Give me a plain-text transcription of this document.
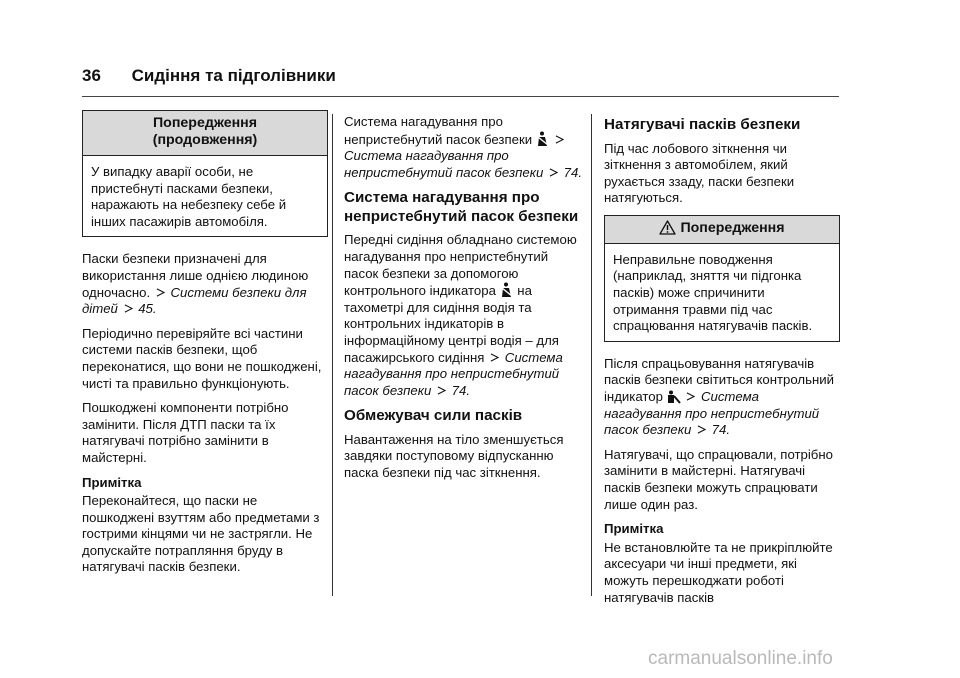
36 Сидіння та підголівники
Попередження
(продовження)
У випадку аварії особи, не пристебнуті пасками безпеки, наражають на небезпеку себе й інших пасажирів автомобіля.

Паски безпеки призначені для використання лише однією людиною одночасно. Системи безпеки для дітей 45.

Періодично перевіряйте всі частини системи пасків безпеки, щоб переконатися, що вони не пошкоджені, чисті та правильно функціонують.

Пошкоджені компоненти потрібно замінити. Після ДТП паски та їх натягувачі потрібно замінити в майстерні.

Примітка

Переконайтеся, що паски не пошкоджені взуттям або предметами з гострими кінцями чи не застрягли. Не допускайте потрапляння бруду в натягувачі пасків безпеки.

Система нагадування про непристебнутий пасок безпеки   Система нагадування про непристебнутий пасок безпеки 74.

Система нагадування про непристебнутий пасок безпеки

Передні сидіння обладнано системою нагадування про непристебнутий пасок безпеки за допомогою контрольного індикатора на тахометрі для сидіння водія та контрольних індикаторів в інформаційному центрі водія – для пасажирського сидіння Система нагадування про непристебнутий пасок безпеки 74.

Обмежувач сили пасків

Навантаження на тіло зменшується завдяки поступовому відпусканню паска безпеки під час зіткнення.

Натягувачі пасків безпеки

Під час лобового зіткнення чи зіткнення з автомобілем, який рухається ззаду, паски безпеки натягуються.

Попередження
Неправильне поводження (наприклад, зняття чи підгонка пасків) може спричинити отримання травми під час спрацювання натягувачів пасків.

Після спрацьовування натягувачів пасків безпеки світиться контрольний індикатор	Система нагадування про непристебнутий пасок безпеки 74.

Натягувачі, що спрацювали, потрібно замінити в майстерні. Натягувачі пасків безпеки можуть спрацювати лише один раз.

Примітка

Не встановлюйте та не прикріплюйте аксесуари чи інші предмети, які можуть перешкоджати роботі натягувачів пасків

carmanualsonline.info
